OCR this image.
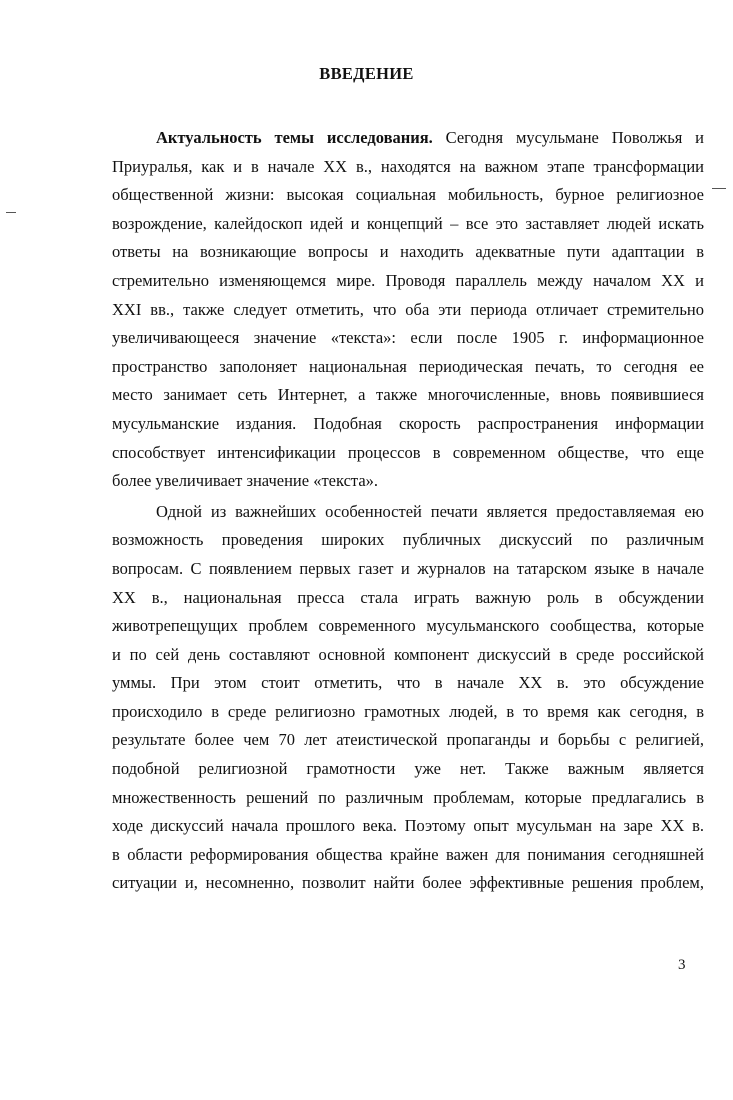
ВВЕДЕНИЕ
Актуальность темы исследования. Сегодня мусульмане Поволжья и
Приуралья, как и в начале XX в., находятся на важном этапе трансформации
общественной жизни: высокая социальная мобильность, бурное религиозное
возрождение, калейдоскоп идей и концепций – все это заставляет людей искать
ответы на возникающие вопросы и находить адекватные пути адаптации в
стремительно изменяющемся мире. Проводя параллель между началом XX и
XXI вв., также следует отметить, что оба эти периода отличает стремительно
увеличивающееся значение «текста»: если после 1905 г. информационное
пространство заполоняет национальная периодическая печать, то сегодня ее
место занимает сеть Интернет, а также многочисленные, вновь появившиеся
мусульманские издания. Подобная скорость распространения информации
способствует интенсификации процессов в современном обществе, что еще
более увеличивает значение «текста».
Одной из важнейших особенностей печати является предоставляемая ею
возможность проведения широких публичных дискуссий по различным
вопросам. С появлением первых газет и журналов на татарском языке в начале
XX в., национальная пресса стала играть важную роль в обсуждении
животрепещущих проблем современного мусульманского сообщества, которые
и по сей день составляют основной компонент дискуссий в среде российской
уммы. При этом стоит отметить, что в начале XX в. это обсуждение
происходило в среде религиозно грамотных людей, в то время как сегодня, в
результате более чем 70 лет атеистической пропаганды и борьбы с религией,
подобной религиозной грамотности уже нет. Также важным является
множественность решений по различным проблемам, которые предлагались в
ходе дискуссий начала прошлого века. Поэтому опыт мусульман на заре XX в.
в области реформирования общества крайне важен для понимания сегодняшней
ситуации и, несомненно, позволит найти более эффективные решения проблем,
3
